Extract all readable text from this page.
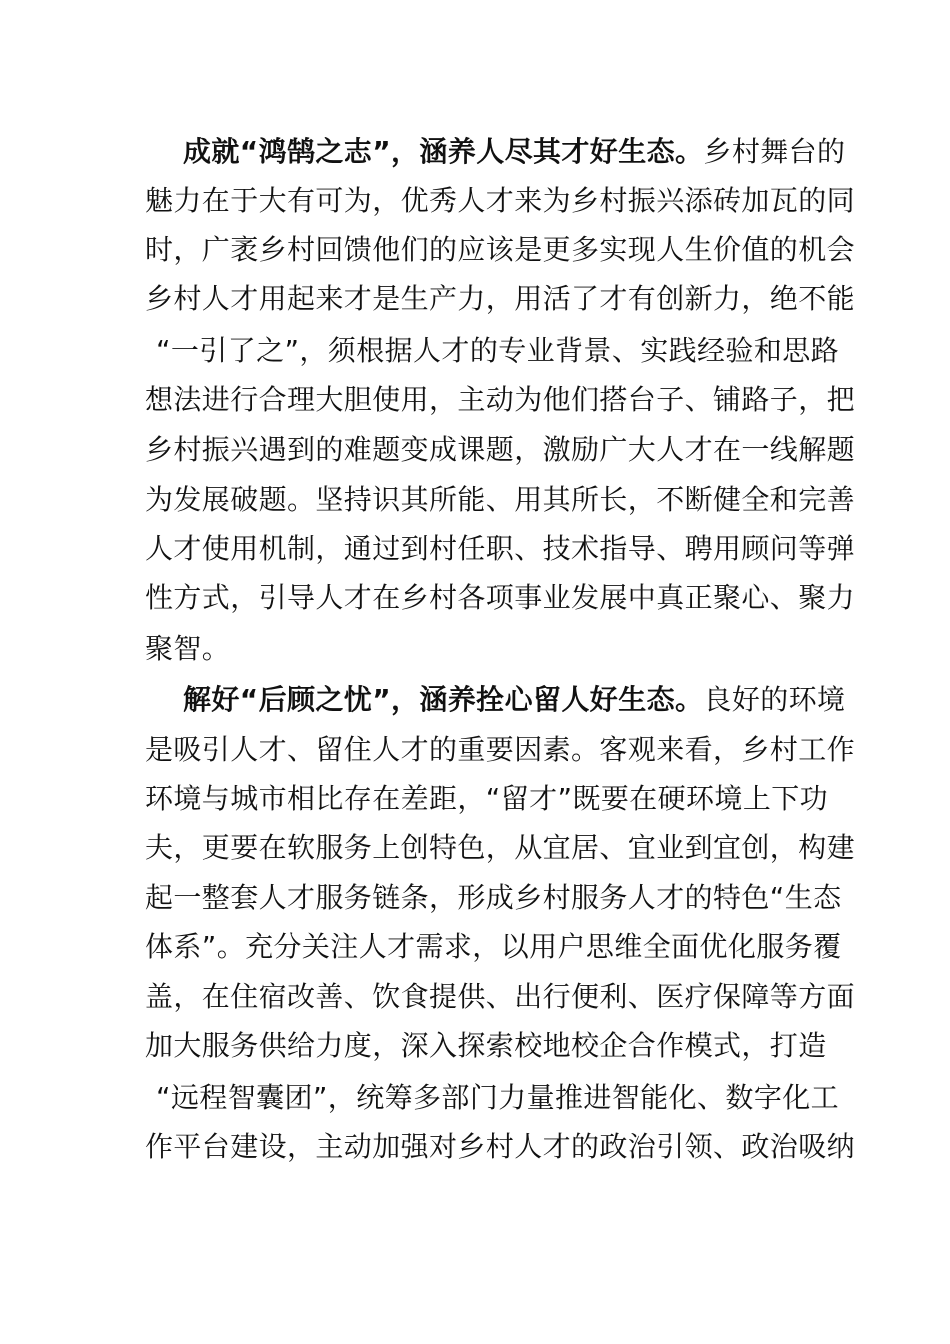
成就“鸿鹄之志”，涵养人尽其才好生态。乡村舞台的
魅力在于大有可为，优秀人才来为乡村振兴添砖加瓦的同
时，广袤乡村回馈他们的应该是更多实现人生价值的机会
乡村人才用起来才是生产力，用活了才有创新力，绝不能
“一引了之”，须根据人才的专业背景、实践经验和思路
想法进行合理大胆使用，主动为他们搭台子、铺路子，把
乡村振兴遇到的难题变成课题，激励广大人才在一线解题
为发展破题。坚持识其所能、用其所长，不断健全和完善
人才使用机制，通过到村任职、技术指导、聘用顾问等弹
性方式，引导人才在乡村各项事业发展中真正聚心、聚力
聚智。
解好“后顾之忧”，涵养拴心留人好生态。良好的环境
是吸引人才、留住人才的重要因素。客观来看，乡村工作
环境与城市相比存在差距，“留才”既要在硬环境上下功
夫，更要在软服务上创特色，从宜居、宜业到宜创，构建
起一整套人才服务链条，形成乡村服务人才的特色“生态
体系”。充分关注人才需求，以用户思维全面优化服务覆
盖，在住宿改善、饮食提供、出行便利、医疗保障等方面
加大服务供给力度，深入探索校地校企合作模式，打造
“远程智囊团”，统筹多部门力量推进智能化、数字化工
作平台建设，主动加强对乡村人才的政治引领、政治吸纳
